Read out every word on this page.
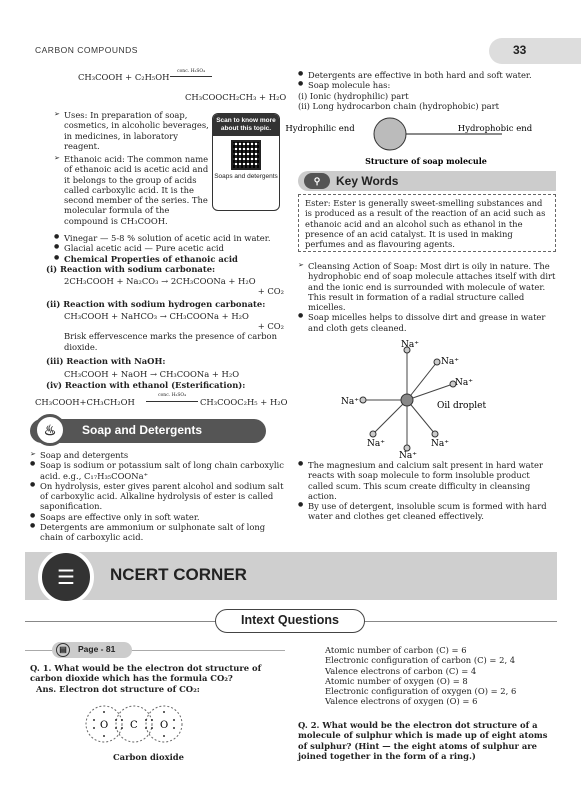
CARBON COMPOUNDS	33
CH₃COOH + C₂H₅OH
conc. H₂SO₄
CH₃COOCH₂CH₃ + H₂O

➢ Uses: In preparation of soap, cosmetics, in alcoholic beverages, in medicines, in laboratory reagent.

➢ Ethanoic acid: The common name of ethanoic acid is acetic acid and it belongs to the group of acids called carboxylic acid. It is the second member of the series. The molecular formula of the compound is CH₃COOH.

Scan to know more about this topic.
Soaps and detergents

● Vinegar — 5-8 % solution of acetic acid in water.

● Glacial acetic acid — Pure acetic acid

● Chemical Properties of ethanoic acid

(i) Reaction with sodium carbonate:

2CH₃COOH + Na₂CO₃ → 2CH₃COONa + H₂O

+ CO₂

(ii) Reaction with sodium hydrogen carbonate:

CH₃COOH + NaHCO₃ → CH₃COONa + H₂O

+ CO₂

Brisk effervescence marks the presence of carbon dioxide.

(iii) Reaction with NaOH:

CH₃COOH + NaOH → CH₃COONa + H₂O

(iv) Reaction with ethanol (Esterification):

CH₃COOH+CH₃CH₂OH
conc. H₂SO₄
CH₃COOC₂H₅ + H₂O
♨	Soap and Detergents

➢ Soap and detergents

● Soap is sodium or potassium salt of long chain carboxylic acid. e.g., C₁₇H₃₅COONa⁺

● On hydrolysis, ester gives parent alcohol and sodium salt of carboxylic acid. Alkaline hydrolysis of ester is called saponification.

● Soaps are effective only in soft water.

● Detergents are ammonium or sulphonate salt of long chain of carboxylic acid.

● Detergents are effective in both hard and soft water.

● Soap molecule has:

(i) Ionic (hydrophilic) part

(ii) Long hydrocarbon chain (hydrophobic) part

Hydrophilic end	Hydrophobic end
Structure of soap molecule
⚲	Key Words

Ester: Ester is generally sweet-smelling substances and is produced as a result of the reaction of an acid such as ethanoic acid and an alcohol such as ethanol in the presence of an acid catalyst. It is used in making perfumes and as flavouring agents.

➢ Cleansing Action of Soap: Most dirt is oily in nature. The hydrophobic end of soap molecule attaches itself with dirt and the ionic end is surrounded with molecule of water. This result in formation of a radial structure called micelles.

● Soap micelles helps to dissolve dirt and grease in water and cloth gets cleaned.

Na⁺
Na⁺
Na⁺
Na⁺
Na⁺	Na⁺
Na⁺
Oil droplet

● The magnesium and calcium salt present in hard water reacts with soap molecule to form insoluble product called scum. This scum create difficulty in cleansing action.

● By use of detergent, insoluble scum is formed with hard water and clothes get cleaned effectively.

☰	NCERT CORNER
Intext Questions
▤	Page - 81

Q. 1. What would be the electron dot structure of carbon dioxide which has the formula CO₂?

Ans. Electron dot structure of CO₂:

O C O
Carbon dioxide

Atomic number of carbon (C) = 6

Electronic configuration of carbon (C) = 2, 4

Valence electrons of carbon (C) = 4

Atomic number of oxygen (O) = 8

Electronic configuration of oxygen (O) = 2, 6

Valence electrons of oxygen (O) = 6

Q. 2. What would be the electron dot structure of a molecule of sulphur which is made up of eight atoms of sulphur? (Hint — the eight atoms of sulphur are joined together in the form of a ring.)
